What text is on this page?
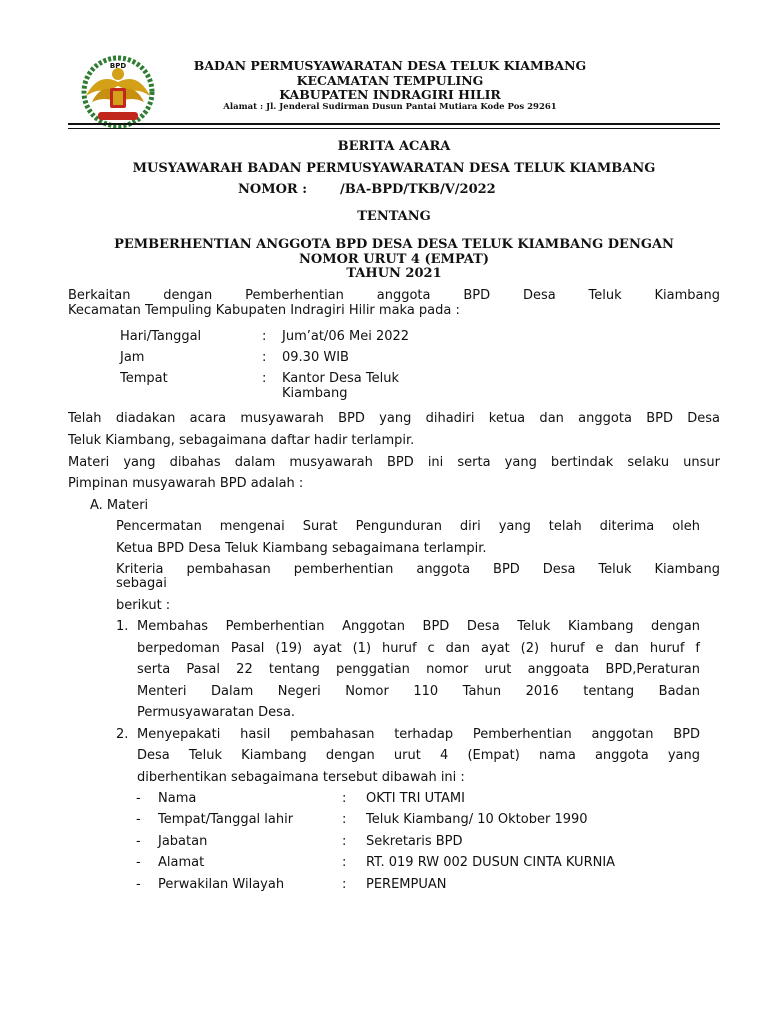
BPD	BADAN PERMUSYAWARATAN DESA TELUK KIAMBANG
KECAMATAN TEMPULING
KABUPATEN INDRAGIRI HILIR
Alamat : Jl. Jenderal Sudirman Dusun Pantai Mutiara Kode Pos 29261
BERITA ACARA
MUSYAWARAH BADAN PERMUSYAWARATAN DESA TELUK KIAMBANG
NOMOR :	/BA-BPD/TKB/V/2022
TENTANG
PEMBERHENTIAN ANGGOTA BPD DESA DESA TELUK KIAMBANG DENGAN
NOMOR URUT 4 (EMPAT)
TAHUN 2021
Berkaitan	dengan	Pemberhentian	anggota	BPD	Desa	Teluk	Kiambang
Kecamatan Tempuling Kabupaten Indragiri Hilir maka pada :
Hari/Tanggal	: Jum’at/06 Mei 2022
Jam	: 09.30 WIB
Tempat	: Kantor Desa Teluk
Kiambang
Telah diadakan acara musyawarah BPD yang dihadiri ketua dan anggota BPD Desa
Teluk Kiambang, sebagaimana daftar hadir terlampir.
Materi yang dibahas dalam musyawarah BPD ini serta yang bertindak selaku unsur
Pimpinan musyawarah BPD adalah :
A. Materi
Pencermatan mengenai Surat Pengunduran diri yang telah diterima oleh
Ketua BPD Desa Teluk Kiambang sebagaimana terlampir.
Kriteria pembahasan pemberhentian anggota BPD Desa Teluk Kiambang
sebagai
berikut :
1. Membahas Pemberhentian Anggotan BPD Desa Teluk Kiambang dengan
berpedoman Pasal (19) ayat (1) huruf c dan ayat (2) huruf e dan huruf f
serta Pasal 22 tentang penggatian nomor urut anggoata BPD,Peraturan
Menteri Dalam Negeri Nomor 110 Tahun 2016 tentang Badan
Permusyawaratan Desa.
2. Menyepakati hasil pembahasan terhadap Pemberhentian anggotan BPD
Desa Teluk Kiambang dengan urut 4 (Empat) nama anggota yang
diberhentikan sebagaimana tersebut dibawah ini :
- Nama	: OKTI TRI UTAMI
- Tempat/Tanggal lahir	: Teluk Kiambang/ 10 Oktober 1990
- Jabatan	: Sekretaris BPD
- Alamat	: RT. 019 RW 002 DUSUN CINTA KURNIA
- Perwakilan Wilayah	: PEREMPUAN
